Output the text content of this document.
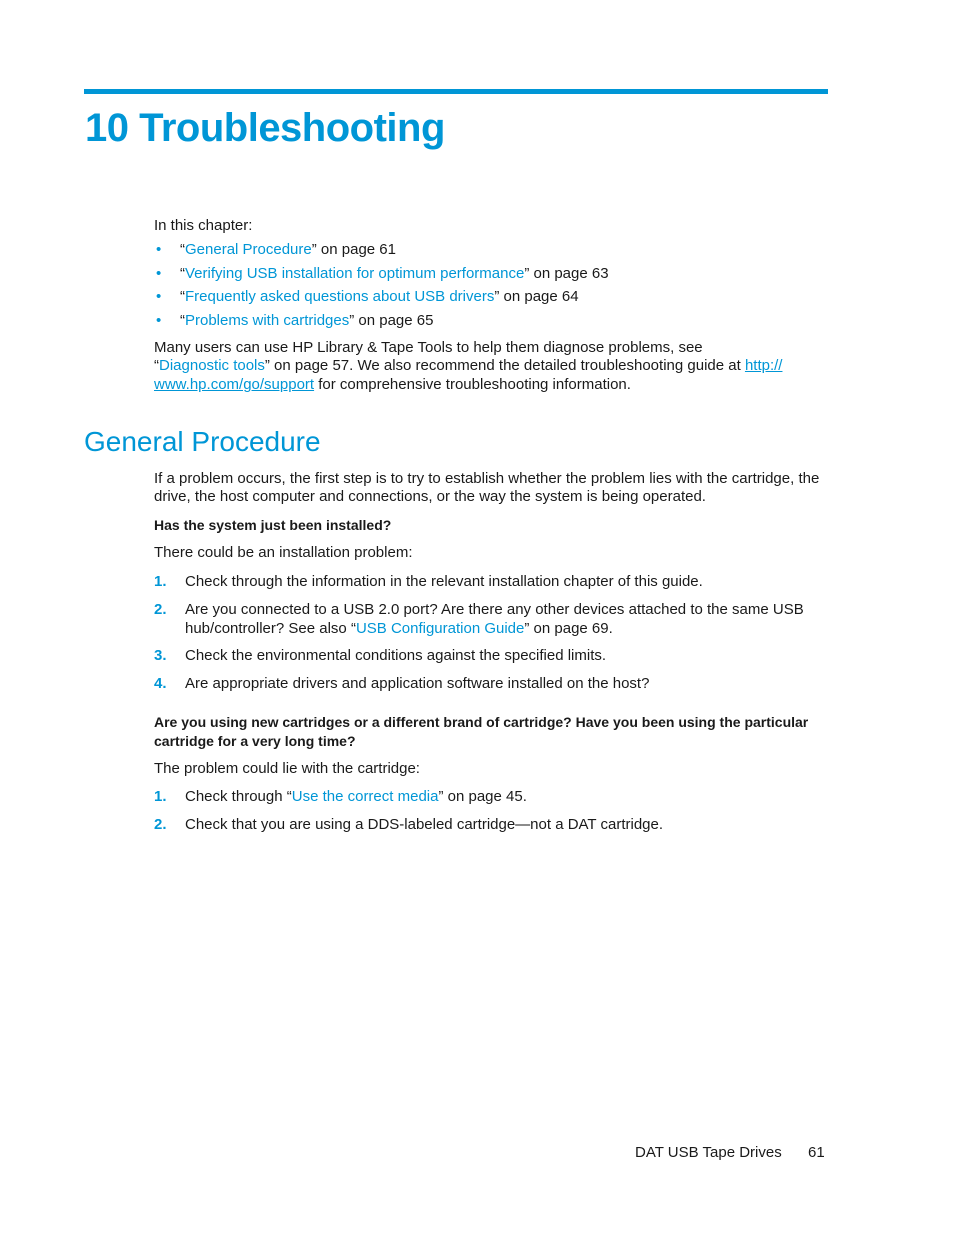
10 Troubleshooting

In this chapter:

• “General Procedure” on page 61
• “Verifying USB installation for optimum performance” on page 63
• “Frequently asked questions about USB drivers” on page 64
• “Problems with cartridges” on page 65

Many users can use HP Library & Tape Tools to help them diagnose problems, see

“Diagnostic tools” on page 57. We also recommend the detailed troubleshooting guide at http://

www.hp.com/go/support for comprehensive troubleshooting information.

General Procedure

If a problem occurs, the first step is to try to establish whether the problem lies with the cartridge, the

drive, the host computer and connections, or the way the system is being operated.

Has the system just been installed?

There could be an installation problem:

1. Check through the information in the relevant installation chapter of this guide.
2. Are you connected to a USB 2.0 port? Are there any other devices attached to the same USB
hub/controller? See also “USB Configuration Guide” on page 69.
3. Check the environmental conditions against the specified limits.
4. Are appropriate drivers and application software installed on the host?

Are you using new cartridges or a different brand of cartridge? Have you been using the particular

cartridge for a very long time?

The problem could lie with the cartridge:

1. Check through “Use the correct media” on page 45.
2. Check that you are using a DDS-labeled cartridge—not a DAT cartridge.
DAT USB Tape Drives 61
